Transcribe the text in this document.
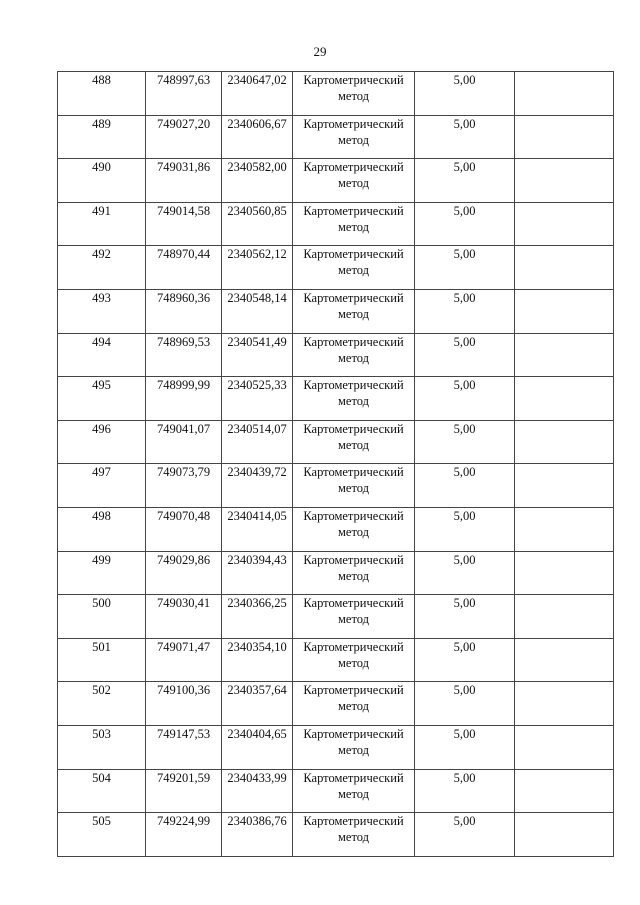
29
488	748997,63	2340647,02	Картометрический метод	5,00	
489	749027,20	2340606,67	Картометрический метод	5,00	
490	749031,86	2340582,00	Картометрический метод	5,00	
491	749014,58	2340560,85	Картометрический метод	5,00	
492	748970,44	2340562,12	Картометрический метод	5,00	
493	748960,36	2340548,14	Картометрический метод	5,00	
494	748969,53	2340541,49	Картометрический метод	5,00	
495	748999,99	2340525,33	Картометрический метод	5,00	
496	749041,07	2340514,07	Картометрический метод	5,00	
497	749073,79	2340439,72	Картометрический метод	5,00	
498	749070,48	2340414,05	Картометрический метод	5,00	
499	749029,86	2340394,43	Картометрический метод	5,00	
500	749030,41	2340366,25	Картометрический метод	5,00	
501	749071,47	2340354,10	Картометрический метод	5,00	
502	749100,36	2340357,64	Картометрический метод	5,00	
503	749147,53	2340404,65	Картометрический метод	5,00	
504	749201,59	2340433,99	Картометрический метод	5,00	
505	749224,99	2340386,76	Картометрический метод	5,00	
